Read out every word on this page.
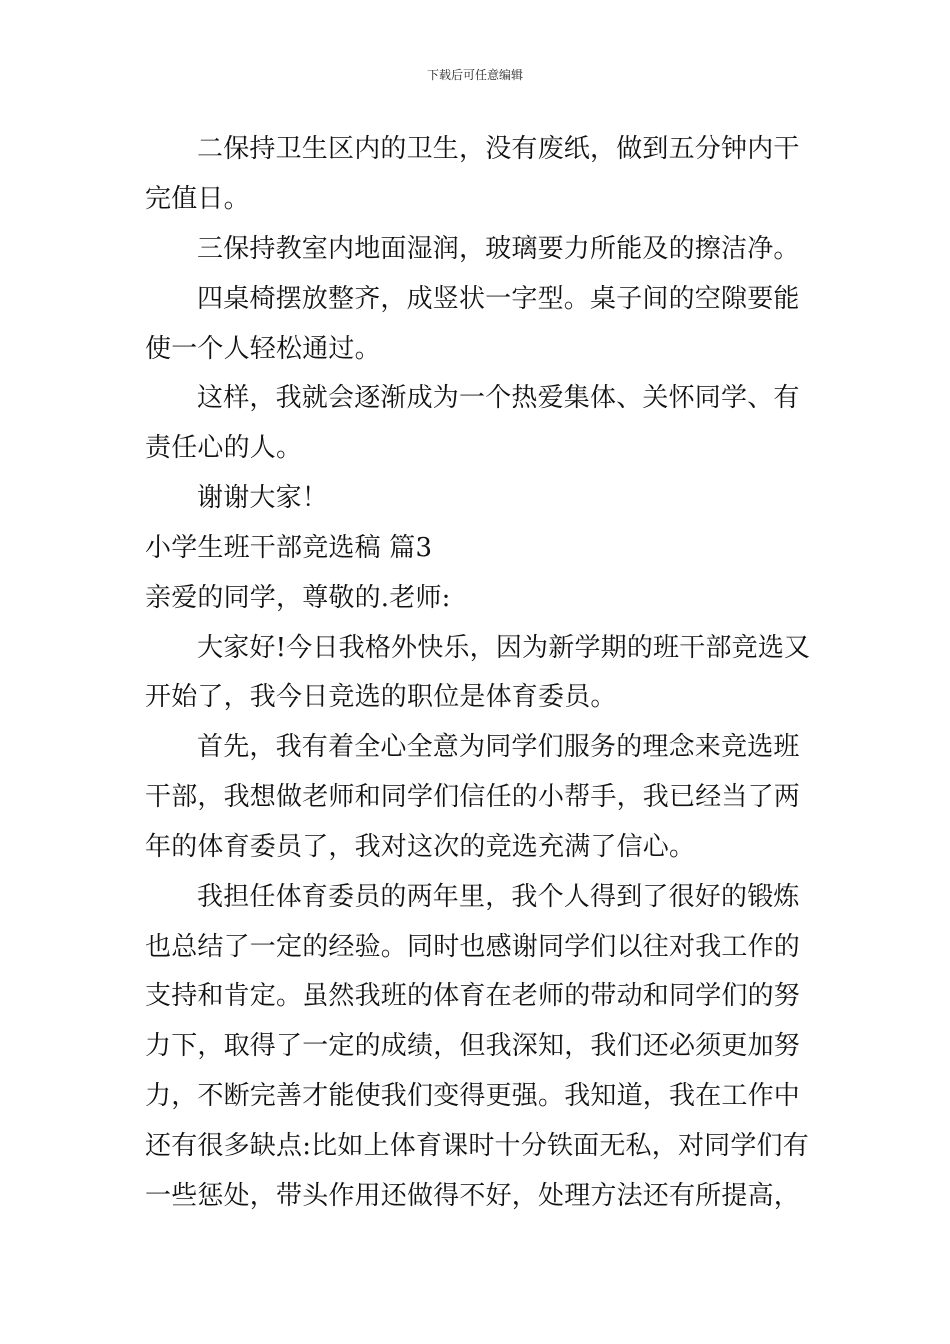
下载后可任意编辑
二保持卫生区内的卫生，没有废纸，做到五分钟内干
完值日。
三保持教室内地面湿润，玻璃要力所能及的擦洁净。
四桌椅摆放整齐，成竖状一字型。桌子间的空隙要能
使一个人轻松通过。
这样，我就会逐渐成为一个热爱集体、关怀同学、有
责任心的人。
谢谢大家！
小学生班干部竞选稿 篇3
亲爱的同学，尊敬的.老师:
大家好!今日我格外快乐，因为新学期的班干部竞选又
开始了，我今日竞选的职位是体育委员。
首先，我有着全心全意为同学们服务的理念来竞选班
干部，我想做老师和同学们信任的小帮手，我已经当了两
年的体育委员了，我对这次的竞选充满了信心。
我担任体育委员的两年里，我个人得到了很好的锻炼
也总结了一定的经验。同时也感谢同学们以往对我工作的
支持和肯定。虽然我班的体育在老师的带动和同学们的努
力下，取得了一定的成绩，但我深知，我们还必须更加努
力，不断完善才能使我们变得更强。我知道，我在工作中
还有很多缺点:比如上体育课时十分铁面无私，对同学们有
一些惩处，带头作用还做得不好，处理方法还有所提高，
